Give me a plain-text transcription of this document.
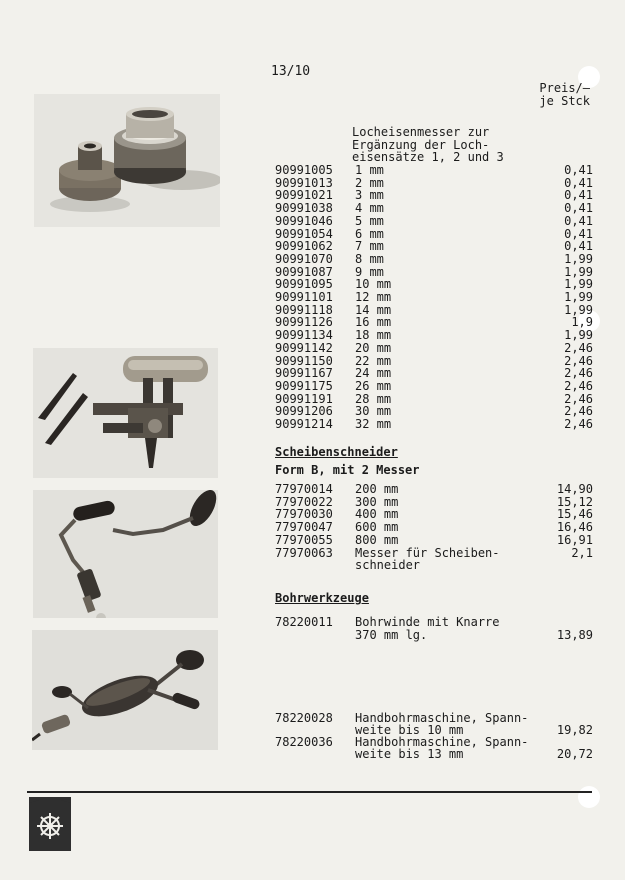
13/10
Preis/—
je Stck
Locheisenmesser zur
Ergänzung der Loch-
eisensätze 1, 2 und 3
90991005 1 mm	0,41
90991013 2 mm	0,41
90991021 3 mm	0,41
90991038 4 mm	0,41
90991046 5 mm	0,41
90991054 6 mm	0,41
90991062 7 mm	0,41
90991070 8 mm	1,99
90991087 9 mm	1,99
90991095 10 mm	1,99
90991101 12 mm	1,99
90991118 14 mm	1,99
90991126 16 mm	1,9
90991134 18 mm	1,99
90991142 20 mm	2,46
90991150 22 mm	2,46
90991167 24 mm	2,46
90991175 26 mm	2,46
90991191 28 mm	2,46
90991206 30 mm	2,46
90991214 32 mm	2,46
Scheibenschneider
Form B, mit 2 Messer
77970014 200 mm	14,90
77970022 300 mm	15,12
77970030 400 mm	15,46
77970047 600 mm	16,46
77970055 800 mm	16,91
77970063 Messer für Scheiben-	2,1
schneider
Bohrwerkzeuge
78220011 Bohrwinde mit Knarre
370 mm lg.	13,89
78220028 Handbohrmaschine, Spann-
weite bis 10 mm	19,82
78220036 Handbohrmaschine, Spann-
weite bis 13 mm	20,72
